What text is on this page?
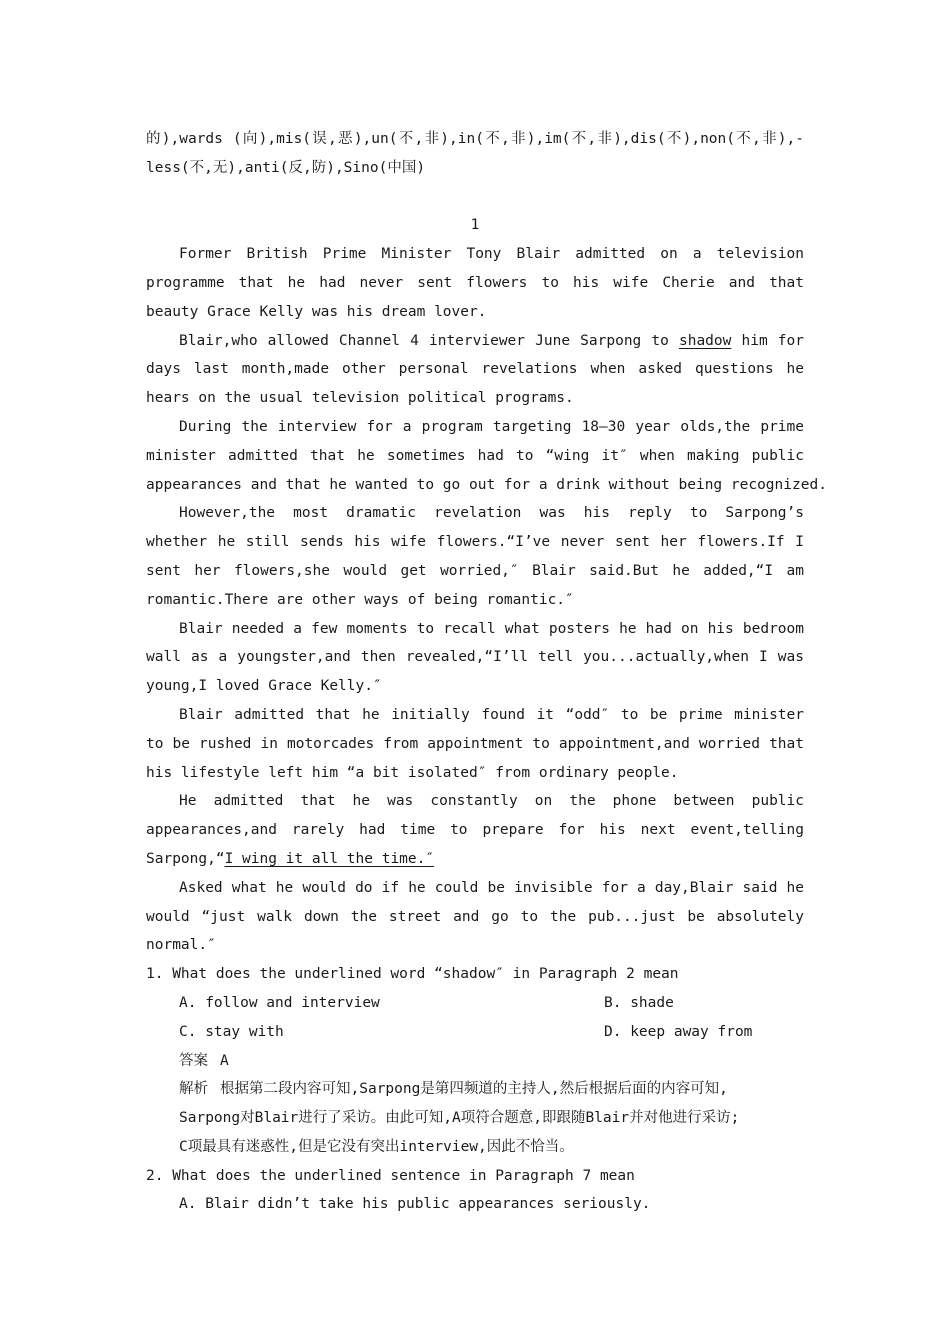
的),wards (向),mis(误,恶),un(不,非),in(不,非),im(不,非),dis(不),non(不,非),-
less(不,无),anti(反,防),Sino(中国)
1
Former British Prime Minister Tony Blair admitted on a television
programme that he had never sent flowers to his wife Cherie and that
beauty Grace Kelly was his dream lover.
Blair,who allowed Channel 4 interviewer June Sarpong to shadow him for
days last month,made other personal revelations when asked questions he
hears on the usual television political programs.
During the interview for a program targeting 18—30 year olds,the prime
minister admitted that he sometimes had to “wing it″ when making public
appearances and that he wanted to go out for a drink without being recognized.
However,the most dramatic revelation was his reply to Sarpong’s
whether he still sends his wife flowers.“I’ve never sent her flowers.If I
sent her flowers,she would get worried,″ Blair said.But he added,“I am
romantic.There are other ways of being romantic.″
Blair needed a few moments to recall what posters he had on his bedroom
wall as a youngster,and then revealed,“I’ll tell you...actually,when I was
young,I loved Grace Kelly.″
Blair admitted that he initially found it “odd″ to be prime minister
to be rushed in motorcades from appointment to appointment,and worried that
his lifestyle left him “a bit isolated″ from ordinary people.
He admitted that he was constantly on the phone between public
appearances,and rarely had time to prepare for his next event,telling
Sarpong,“I wing it all the time.″
Asked what he would do if he could be invisible for a day,Blair said he
would “just walk down the street and go to the pub...just be absolutely
normal.″
1. What does the underlined word “shadow″ in Paragraph 2 mean
A. follow and interview	B. shade
C. stay with	D. keep away from
答案 A
解析 根据第二段内容可知,Sarpong是第四频道的主持人,然后根据后面的内容可知,
Sarpong对Blair进行了采访。由此可知,A项符合题意,即跟随Blair并对他进行采访;
C项最具有迷惑性,但是它没有突出interview,因此不恰当。
2. What does the underlined sentence in Paragraph 7 mean
A. Blair didn’t take his public appearances seriously.
